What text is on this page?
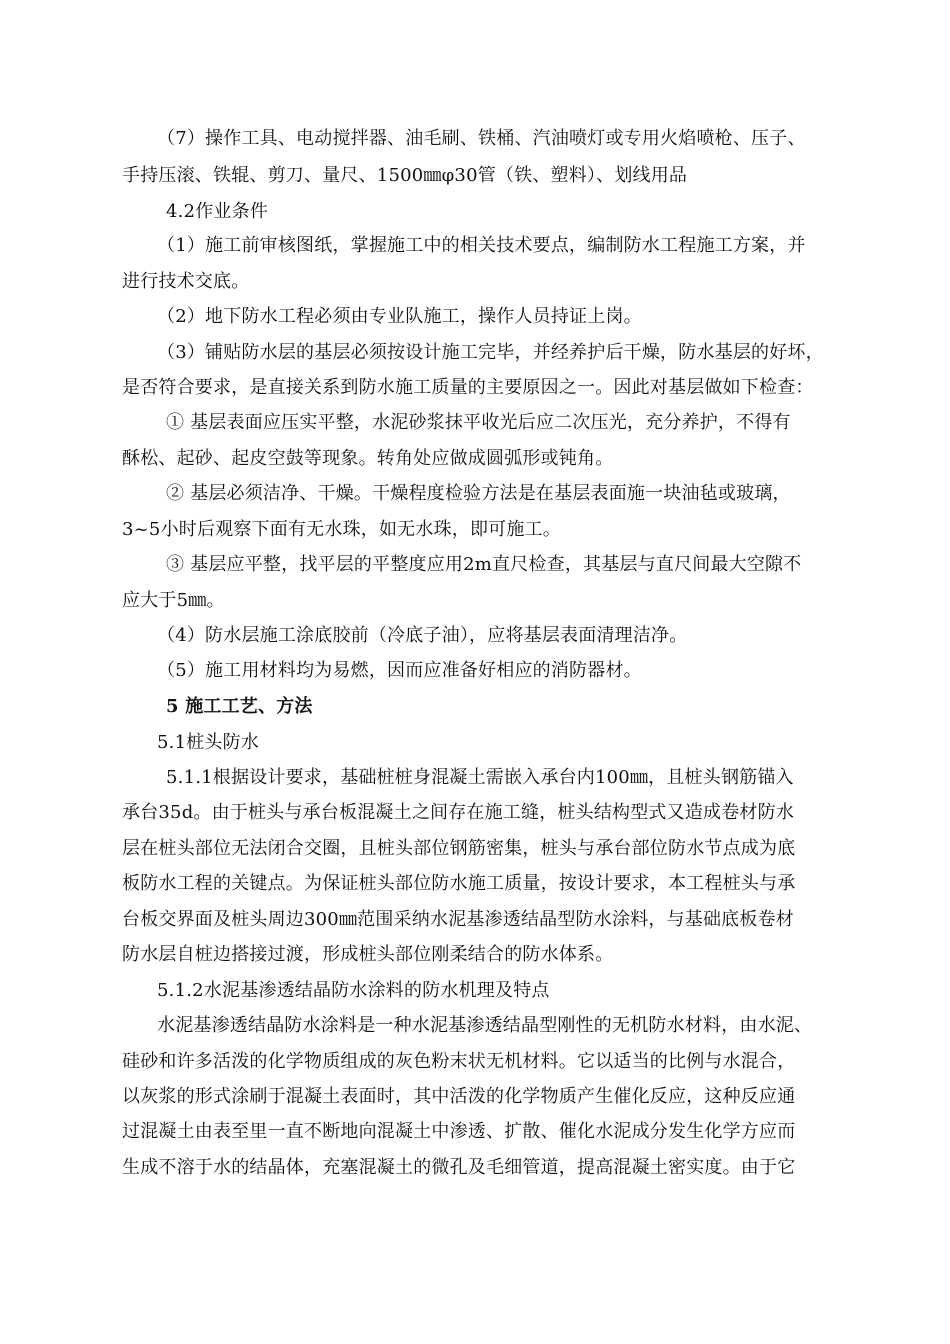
（7）操作工具、电动搅拌器、油毛刷、铁桶、汽油喷灯或专用火焰喷枪、压子、
手持压滚、铁辊、剪刀、量尺、1500㎜φ30管（铁、塑料）、划线用品
4.2作业条件
（1）施工前审核图纸，掌握施工中的相关技术要点，编制防水工程施工方案，并
进行技术交底。
（2）地下防水工程必须由专业队施工，操作人员持证上岗。
（3）铺贴防水层的基层必须按设计施工完毕，并经养护后干燥，防水基层的好坏，
是否符合要求，是直接关系到防水施工质量的主要原因之一。因此对基层做如下检查：
① 基层表面应压实平整，水泥砂浆抹平收光后应二次压光，充分养护，不得有
酥松、起砂、起皮空鼓等现象。转角处应做成圆弧形或钝角。
② 基层必须洁净、干燥。干燥程度检验方法是在基层表面施一块油毡或玻璃，
3~5小时后观察下面有无水珠，如无水珠，即可施工。
③ 基层应平整，找平层的平整度应用2m直尺检查，其基层与直尺间最大空隙不
应大于5㎜。
（4）防水层施工涂底胶前（冷底子油），应将基层表面清理洁净。
（5）施工用材料均为易燃，因而应准备好相应的消防器材。
5 施工工艺、方法
5.1桩头防水
5.1.1根据设计要求，基础桩桩身混凝土需嵌入承台内100㎜，且桩头钢筋锚入
承台35d。由于桩头与承台板混凝土之间存在施工缝，桩头结构型式又造成卷材防水
层在桩头部位无法闭合交圈，且桩头部位钢筋密集，桩头与承台部位防水节点成为底
板防水工程的关键点。为保证桩头部位防水施工质量，按设计要求，本工程桩头与承
台板交界面及桩头周边300㎜范围采纳水泥基渗透结晶型防水涂料，与基础底板卷材
防水层自桩边搭接过渡，形成桩头部位刚柔结合的防水体系。
5.1.2水泥基渗透结晶防水涂料的防水机理及特点
水泥基渗透结晶防水涂料是一种水泥基渗透结晶型刚性的无机防水材料，由水泥、
硅砂和许多活泼的化学物质组成的灰色粉末状无机材料。它以适当的比例与水混合，
以灰浆的形式涂刷于混凝土表面时，其中活泼的化学物质产生催化反应，这种反应通
过混凝土由表至里一直不断地向混凝土中渗透、扩散、催化水泥成分发生化学方应而
生成不溶于水的结晶体，充塞混凝土的微孔及毛细管道，提高混凝土密实度。由于它
